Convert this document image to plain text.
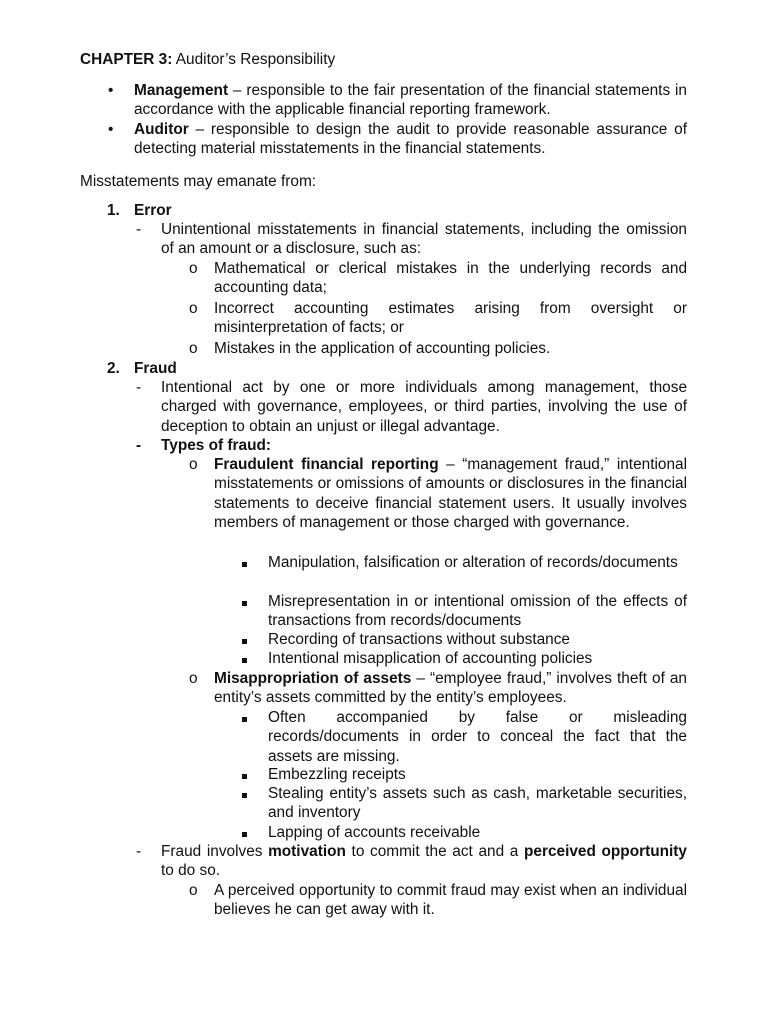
CHAPTER 3: Auditor’s Responsibility
• Management – responsible to the fair presentation of the financial statements in accordance with the applicable financial reporting framework.
• Auditor – responsible to design the audit to provide reasonable assurance of detecting material misstatements in the financial statements.
Misstatements may emanate from:
1. Error
- Unintentional misstatements in financial statements, including the omission of an amount or a disclosure, such as:
o Mathematical or clerical mistakes in the underlying records and accounting data;
o Incorrect accounting estimates arising from oversight or misinterpretation of facts; or
o Mistakes in the application of accounting policies.
2. Fraud
- Intentional act by one or more individuals among management, those charged with governance, employees, or third parties, involving the use of deception to obtain an unjust or illegal advantage.
- Types of fraud:
o Fraudulent financial reporting – “management fraud,” intentional misstatements or omissions of amounts or disclosures in the financial statements to deceive financial statement users. It usually involves members of management or those charged with governance.
Manipulation, falsification or alteration of records/documents
Misrepresentation in or intentional omission of the effects of transactions from records/documents
Recording of transactions without substance
Intentional misapplication of accounting policies
o Misappropriation of assets – “employee fraud,” involves theft of an entity’s assets committed by the entity’s employees.
Often accompanied by false or misleading records/documents in order to conceal the fact that the assets are missing.
Embezzling receipts
Stealing entity’s assets such as cash, marketable securities, and inventory
Lapping of accounts receivable
- Fraud involves motivation to commit the act and a perceived opportunity to do so.
o A perceived opportunity to commit fraud may exist when an individual believes he can get away with it.
